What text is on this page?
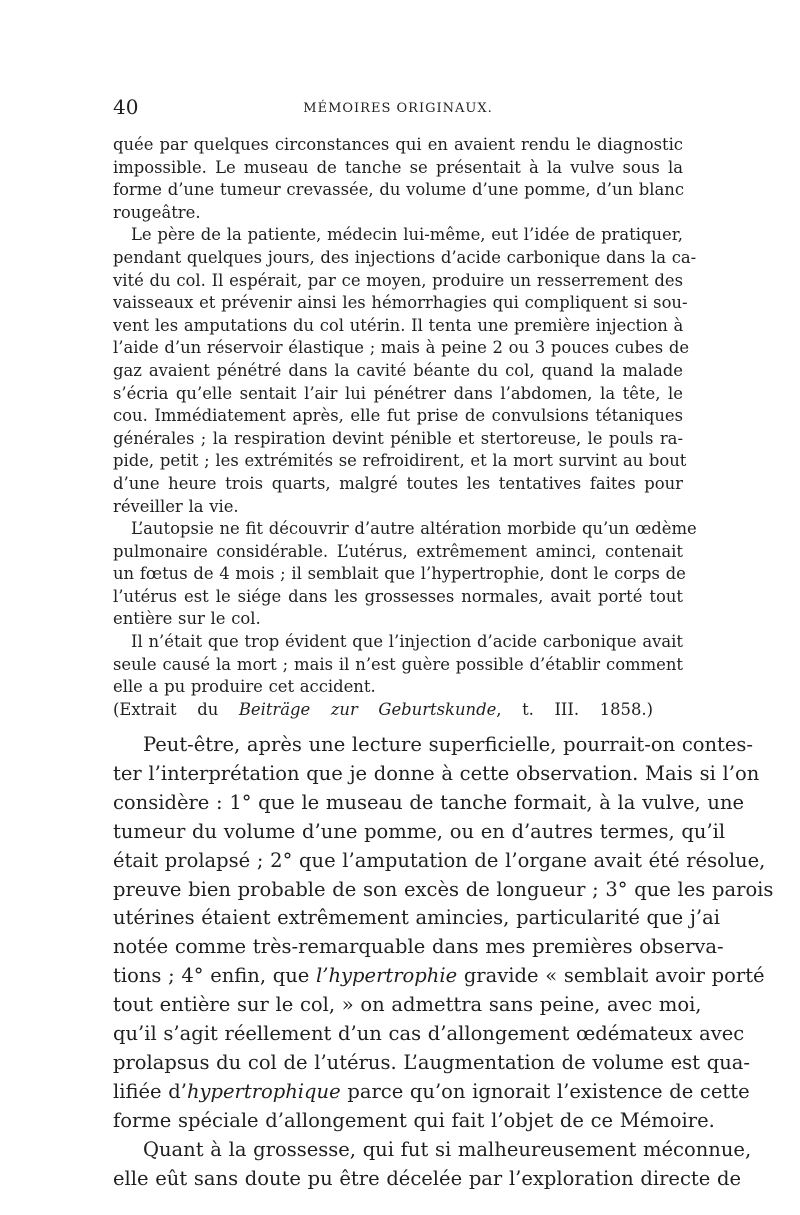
40	MÉMOIRES ORIGINAUX.

quée par quelques circonstances qui en avaient rendu le diagnostic
impossible. Le museau de tanche se présentait à la vulve sous la
forme d’une tumeur crevassée, du volume d’une pomme, d’un blanc
rougeâtre.

Le père de la patiente, médecin lui-même, eut l’idée de pratiquer,
pendant quelques jours, des injections d’acide carbonique dans la ca-
vité du col. Il espérait, par ce moyen, produire un resserrement des
vaisseaux et prévenir ainsi les hémorrhagies qui compliquent si sou-
vent les amputations du col utérin. Il tenta une première injection à
l’aide d’un réservoir élastique ; mais à peine 2 ou 3 pouces cubes de
gaz avaient pénétré dans la cavité béante du col, quand la malade
s’écria qu’elle sentait l’air lui pénétrer dans l’abdomen, la tête, le
cou. Immédiatement après, elle fut prise de convulsions tétaniques
générales ; la respiration devint pénible et stertoreuse, le pouls ra-
pide, petit ; les extrémités se refroidirent, et la mort survint au bout
d’une heure trois quarts, malgré toutes les tentatives faites pour
réveiller la vie.

L’autopsie ne fit découvrir d’autre altération morbide qu’un œdème
pulmonaire considérable. L’utérus, extrêmement aminci, contenait
un fœtus de 4 mois ; il semblait que l’hypertrophie, dont le corps de
l’utérus est le siége dans les grossesses normales, avait porté tout
entière sur le col.

Il n’était que trop évident que l’injection d’acide carbonique avait
seule causé la mort ; mais il n’est guère possible d’établir comment
elle a pu produire cet accident.

(Extrait du Beiträge zur Geburtskunde, t. III. 1858.)

Peut-être, après une lecture superficielle, pourrait-on contes-
ter l’interprétation que je donne à cette observation. Mais si l’on
considère : 1° que le museau de tanche formait, à la vulve, une
tumeur du volume d’une pomme, ou en d’autres termes, qu’il
était prolapsé ; 2° que l’amputation de l’organe avait été résolue,
preuve bien probable de son excès de longueur ; 3° que les parois
utérines étaient extrêmement amincies, particularité que j’ai
notée comme très-remarquable dans mes premières observa-
tions ; 4° enfin, que l’hypertrophie gravide « semblait avoir porté
tout entière sur le col, » on admettra sans peine, avec moi,
qu’il s’agit réellement d’un cas d’allongement œdémateux avec
prolapsus du col de l’utérus. L’augmentation de volume est qua-
lifiée d’hypertrophique parce qu’on ignorait l’existence de cette
forme spéciale d’allongement qui fait l’objet de ce Mémoire.

Quant à la grossesse, qui fut si malheureusement méconnue,
elle eût sans doute pu être décelée par l’exploration directe de
